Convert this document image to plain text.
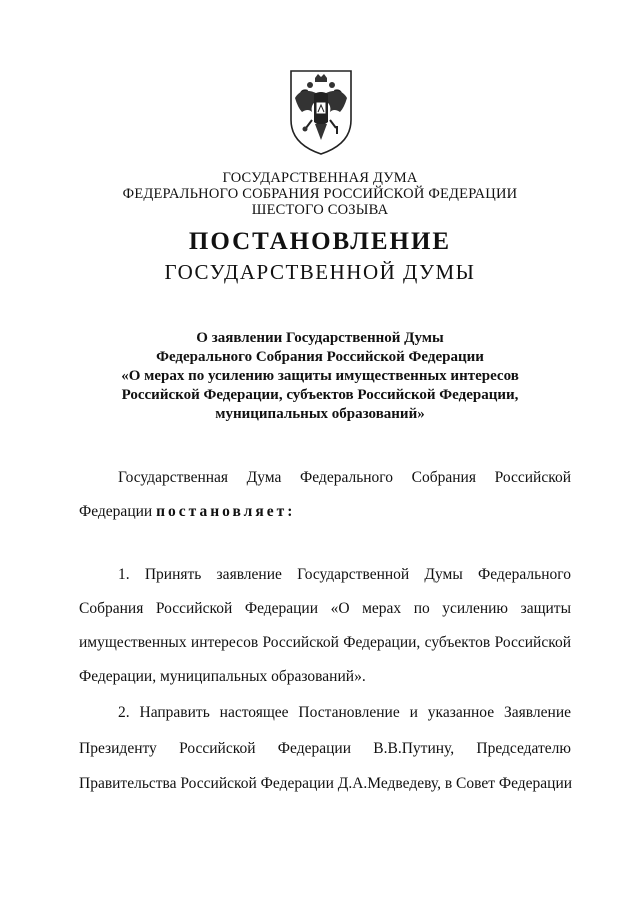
ГОСУДАРСТВЕННАЯ ДУМА
ФЕДЕРАЛЬНОГО СОБРАНИЯ РОССИЙСКОЙ ФЕДЕРАЦИИ
ШЕСТОГО СОЗЫВА
ПОСТАНОВЛЕНИЕ
ГОСУДАРСТВЕННОЙ ДУМЫ
О заявлении Государственной Думы
Федерального Собрания Российской Федерации
«О мерах по усилению защиты имущественных интересов
Российской Федерации, субъектов Российской Федерации,
муниципальных образований»
Государственная Дума Федерального Собрания Российской
Федерации постановляет:
1. Принять заявление Государственной Думы Федерального
Собрания Российской Федерации «О мерах по усилению защиты
имущественных интересов Российской Федерации, субъектов Российской
Федерации, муниципальных образований».
2. Направить настоящее Постановление и указанное Заявление
Президенту Российской Федерации В.В.Путину, Председателю
Правительства Российской Федерации Д.А.Медведеву, в Совет Федерации
